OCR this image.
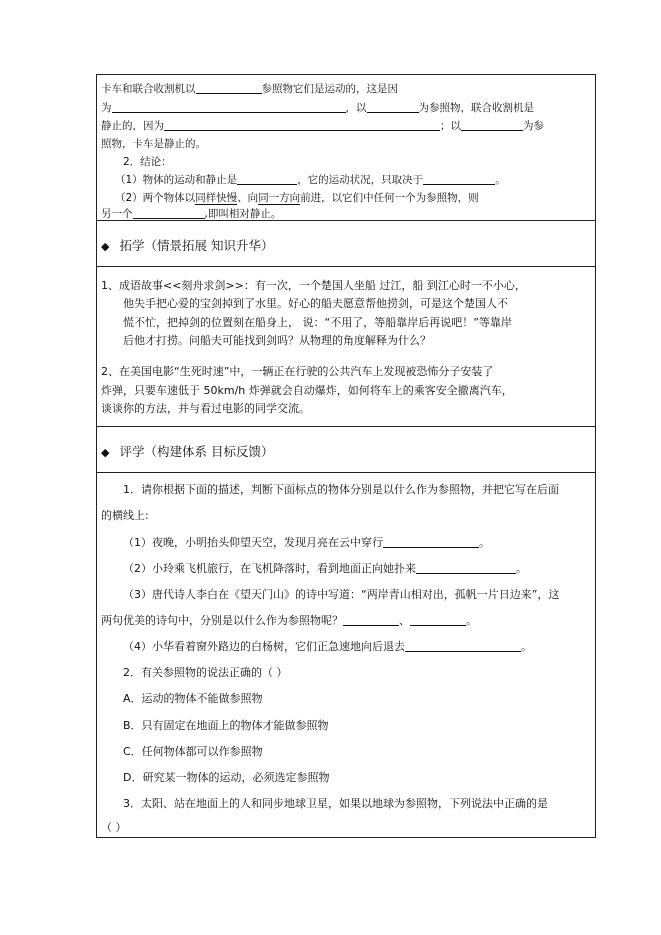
卡车和联合收割机以	参照物它们是运动的，这是因
为	，以	为参照物，联合收割机是
静止的，因为	；以	为参
照物，卡车是静止的。
2．结论：
（1）物体的运动和静止是	，它的运动状况，只取决于	。
（2）两个物体以同样快慢、向同一方向前进，以它们中任何一个为参照物，则
另一个	,即叫相对静止。
◆ 拓学（情景拓展 知识升华）
1、成语故事<<刻舟求剑>>：有一次，一个楚国人坐船 过江，船 到江心时一不小心，
他失手把心爱的宝剑掉到了水里。好心的船夫愿意帮他捞剑，可是这个楚国人不
慌不忙，把掉剑的位置刻在船身上， 说：“不用了，等船靠岸后再说吧！”等靠岸
后他才打捞。问船夫可能找到剑吗？从物理的角度解释为什么？
2、在美国电影“生死时速”中，一辆正在行驶的公共汽车上发现被恐怖分子安装了
炸弹，只要车速低于 50km/h 炸弹就会自动爆炸，如何将车上的乘客安全撤离汽车，
谈谈你的方法，并与看过电影的同学交流。
◆ 评学（构建体系 目标反馈）
1．请你根据下面的描述，判断下面标点的物体分别是以什么作为参照物，并把它写在后面
的横线上:
（1）夜晚，小明抬头仰望天空，发现月亮在云中穿行	。
（2）小玲乘飞机旅行，在飞机降落时，看到地面正向她扑来	。
（3）唐代诗人李白在《望天门山》的诗中写道：“两岸青山相对出，孤帆一片日边来”，这
两句优美的诗句中，分别是以什么作为参照物呢？	、	。
（4）小华看着窗外路边的白杨树，它们正急速地向后退去	。
2．有关参照物的说法正确的（ ）
A．运动的物体不能做参照物
B．只有固定在地面上的物体才能做参照物
C．任何物体都可以作参照物
D．研究某一物体的运动，必须选定参照物
3．太阳、站在地面上的人和同步地球卫星，如果以地球为参照物，下列说法中正确的是
（ ）
